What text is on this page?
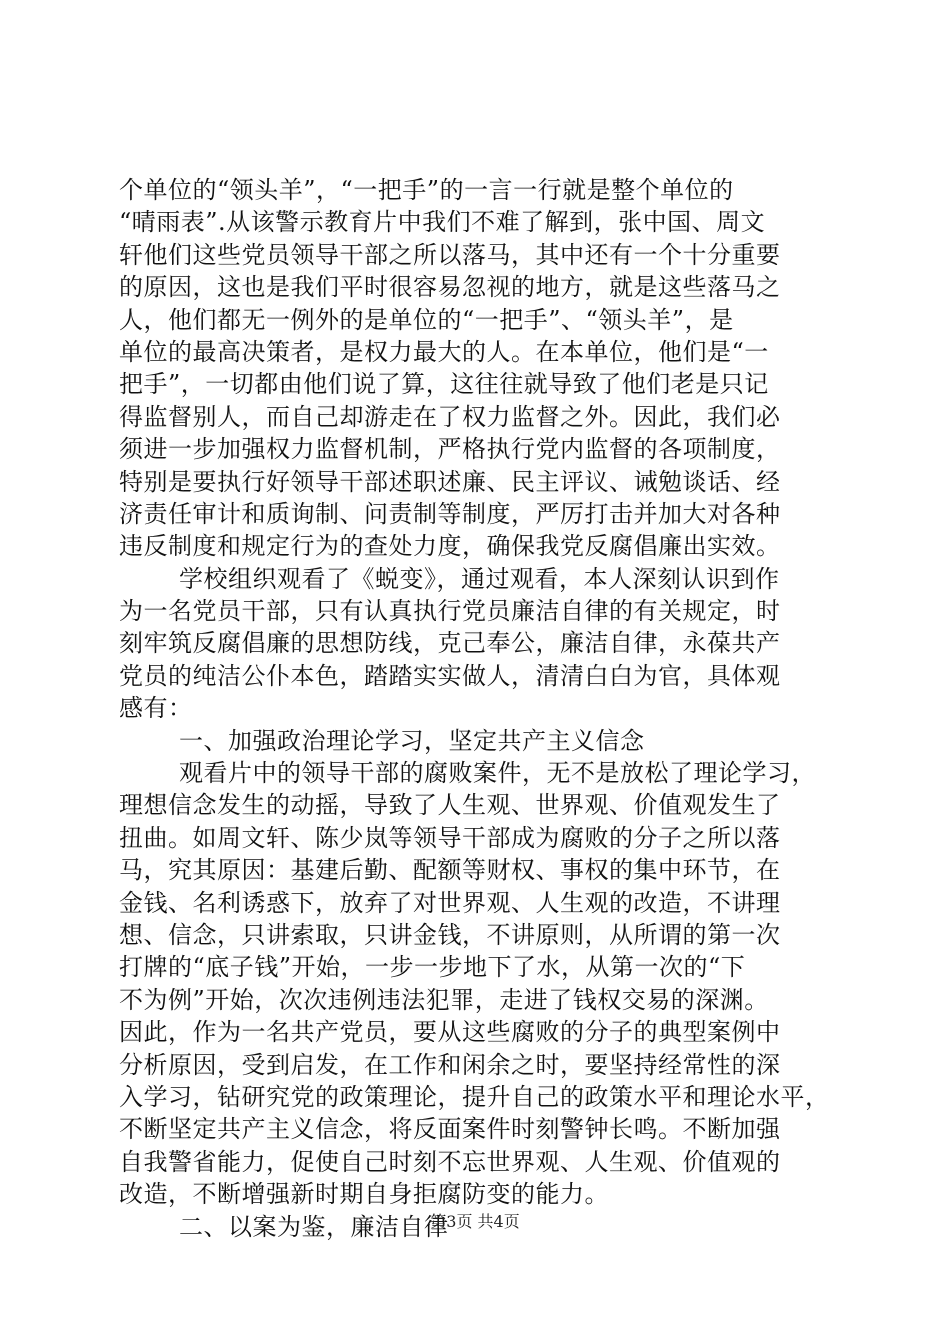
个单位的“领头羊”，“一把手”的一言一行就是整个单位的
“晴雨表”.从该警示教育片中我们不难了解到，张中国、周文
轩他们这些党员领导干部之所以落马，其中还有一个十分重要
的原因，这也是我们平时很容易忽视的地方，就是这些落马之
人，他们都无一例外的是单位的“一把手”、“领头羊”，是
单位的最高决策者，是权力最大的人。在本单位，他们是“一
把手”，一切都由他们说了算，这往往就导致了他们老是只记
得监督别人，而自己却游走在了权力监督之外。因此，我们必
须进一步加强权力监督机制，严格执行党内监督的各项制度，
特别是要执行好领导干部述职述廉、民主评议、诫勉谈话、经
济责任审计和质询制、问责制等制度，严厉打击并加大对各种
违反制度和规定行为的查处力度，确保我党反腐倡廉出实效。
学校组织观看了《蜕变》，通过观看，本人深刻认识到作
为一名党员干部，只有认真执行党员廉洁自律的有关规定，时
刻牢筑反腐倡廉的思想防线，克己奉公，廉洁自律，永葆共产
党员的纯洁公仆本色，踏踏实实做人，清清白白为官，具体观
感有：
一、加强政治理论学习，坚定共产主义信念
观看片中的领导干部的腐败案件，无不是放松了理论学习，
理想信念发生的动摇，导致了人生观、世界观、价值观发生了
扭曲。如周文轩、陈少岚等领导干部成为腐败的分子之所以落
马，究其原因：基建后勤、配额等财权、事权的集中环节，在
金钱、名利诱惑下，放弃了对世界观、人生观的改造，不讲理
想、信念，只讲索取，只讲金钱，不讲原则，从所谓的第一次
打牌的“底子钱”开始，一步一步地下了水，从第一次的“下
不为例”开始，次次违例违法犯罪，走进了钱权交易的深渊。
因此，作为一名共产党员，要从这些腐败的分子的典型案例中
分析原因，受到启发，在工作和闲余之时，要坚持经常性的深
入学习，钻研究党的政策理论，提升自己的政策水平和理论水平，
不断坚定共产主义信念，将反面案件时刻警钟长鸣。不断加强
自我警省能力，促使自己时刻不忘世界观、人生观、价值观的
改造，不断增强新时期自身拒腐防变的能力。
二、以案为鉴，廉洁自律
第3页 共4页
